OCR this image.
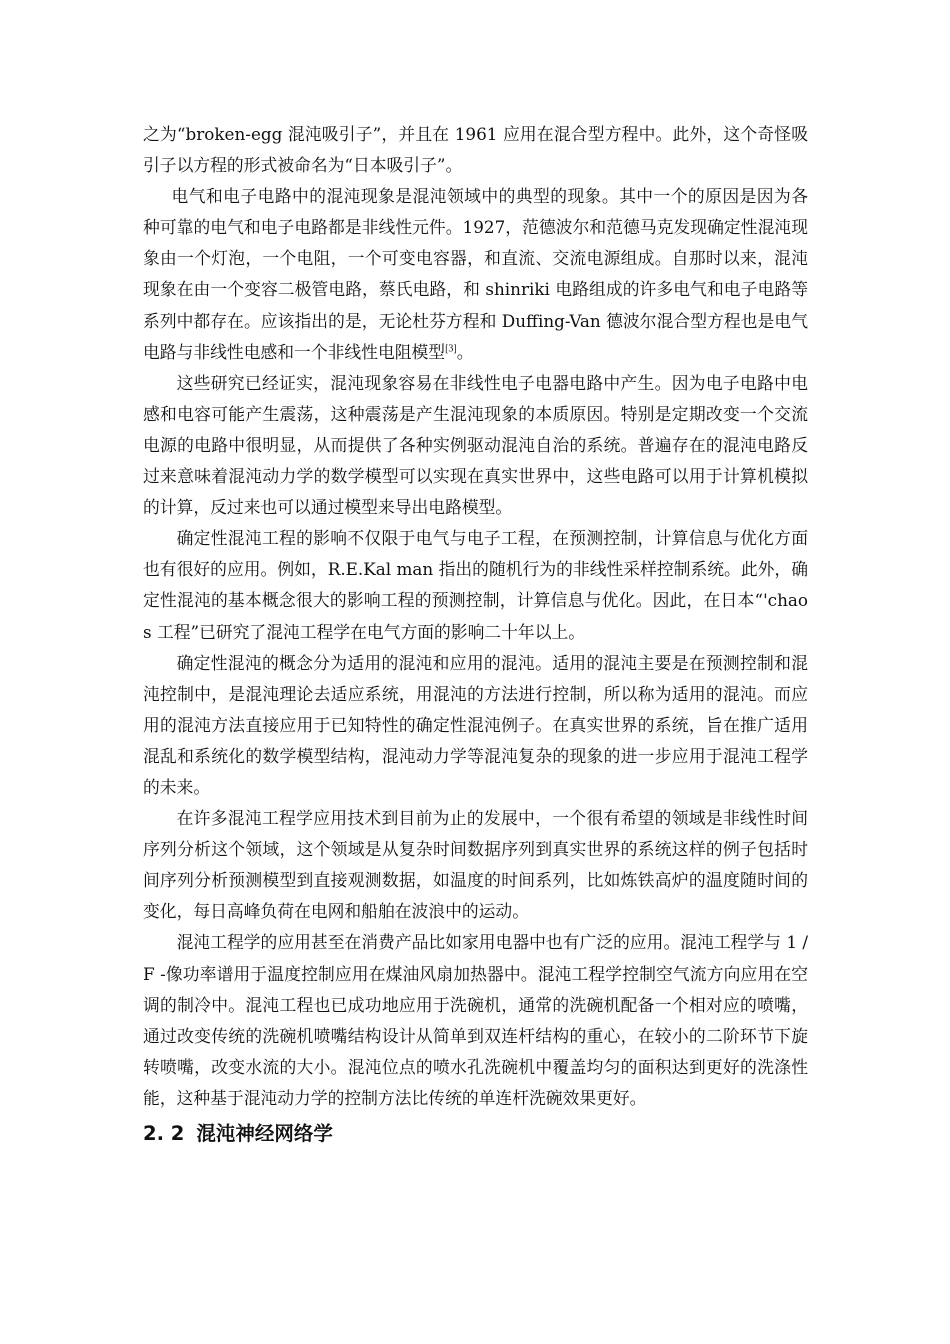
之为“broken-egg 混沌吸引子”，并且在 1961 应用在混合型方程中。此外，这个奇怪吸引子以方程的形式被命名为“日本吸引子”。

电气和电子电路中的混沌现象是混沌领域中的典型的现象。其中一个的原因是因为各种可靠的电气和电子电路都是非线性元件。1927，范德波尔和范德马克发现确定性混沌现象由一个灯泡，一个电阻，一个可变电容器，和直流、交流电源组成。自那时以来，混沌现象在由一个变容二极管电路，蔡氏电路，和 shinriki 电路组成的许多电气和电子电路等系列中都存在。应该指出的是，无论杜芬方程和 Duffing-Van 德波尔混合型方程也是电气电路与非线性电感和一个非线性电阻模型[3]。

这些研究已经证实，混沌现象容易在非线性电子电器电路中产生。因为电子电路中电感和电容可能产生震荡，这种震荡是产生混沌现象的本质原因。特别是定期改变一个交流电源的电路中很明显，从而提供了各种实例驱动混沌自治的系统。普遍存在的混沌电路反过来意味着混沌动力学的数学模型可以实现在真实世界中，这些电路可以用于计算机模拟的计算，反过来也可以通过模型来导出电路模型。

确定性混沌工程的影响不仅限于电气与电子工程，在预测控制，计算信息与优化方面也有很好的应用。例如，R.E.Kal man 指出的随机行为的非线性采样控制系统。此外，确定性混沌的基本概念很大的影响工程的预测控制，计算信息与优化。因此，在日本“'chaos 工程”已研究了混沌工程学在电气方面的影响二十年以上。

确定性混沌的概念分为适用的混沌和应用的混沌。适用的混沌主要是在预测控制和混沌控制中，是混沌理论去适应系统，用混沌的方法进行控制，所以称为适用的混沌。而应用的混沌方法直接应用于已知特性的确定性混沌例子。在真实世界的系统，旨在推广适用混乱和系统化的数学模型结构，混沌动力学等混沌复杂的现象的进一步应用于混沌工程学的未来。

在许多混沌工程学应用技术到目前为止的发展中，一个很有希望的领域是非线性时间序列分析这个领域，这个领域是从复杂时间数据序列到真实世界的系统这样的例子包括时间序列分析预测模型到直接观测数据，如温度的时间系列，比如炼铁高炉的温度随时间的变化，每日高峰负荷在电网和船舶在波浪中的运动。

混沌工程学的应用甚至在消费产品比如家用电器中也有广泛的应用。混沌工程学与 1 / F -像功率谱用于温度控制应用在煤油风扇加热器中。混沌工程学控制空气流方向应用在空调的制冷中。混沌工程也已成功地应用于洗碗机，通常的洗碗机配备一个相对应的喷嘴，通过改变传统的洗碗机喷嘴结构设计从简单到双连杆结构的重心，在较小的二阶环节下旋转喷嘴，改变水流的大小。混沌位点的喷水孔洗碗机中覆盖均匀的面积达到更好的洗涤性能，这种基于混沌动力学的控制方法比传统的单连杆洗碗效果更好。

2. 2 混沌神经网络学
